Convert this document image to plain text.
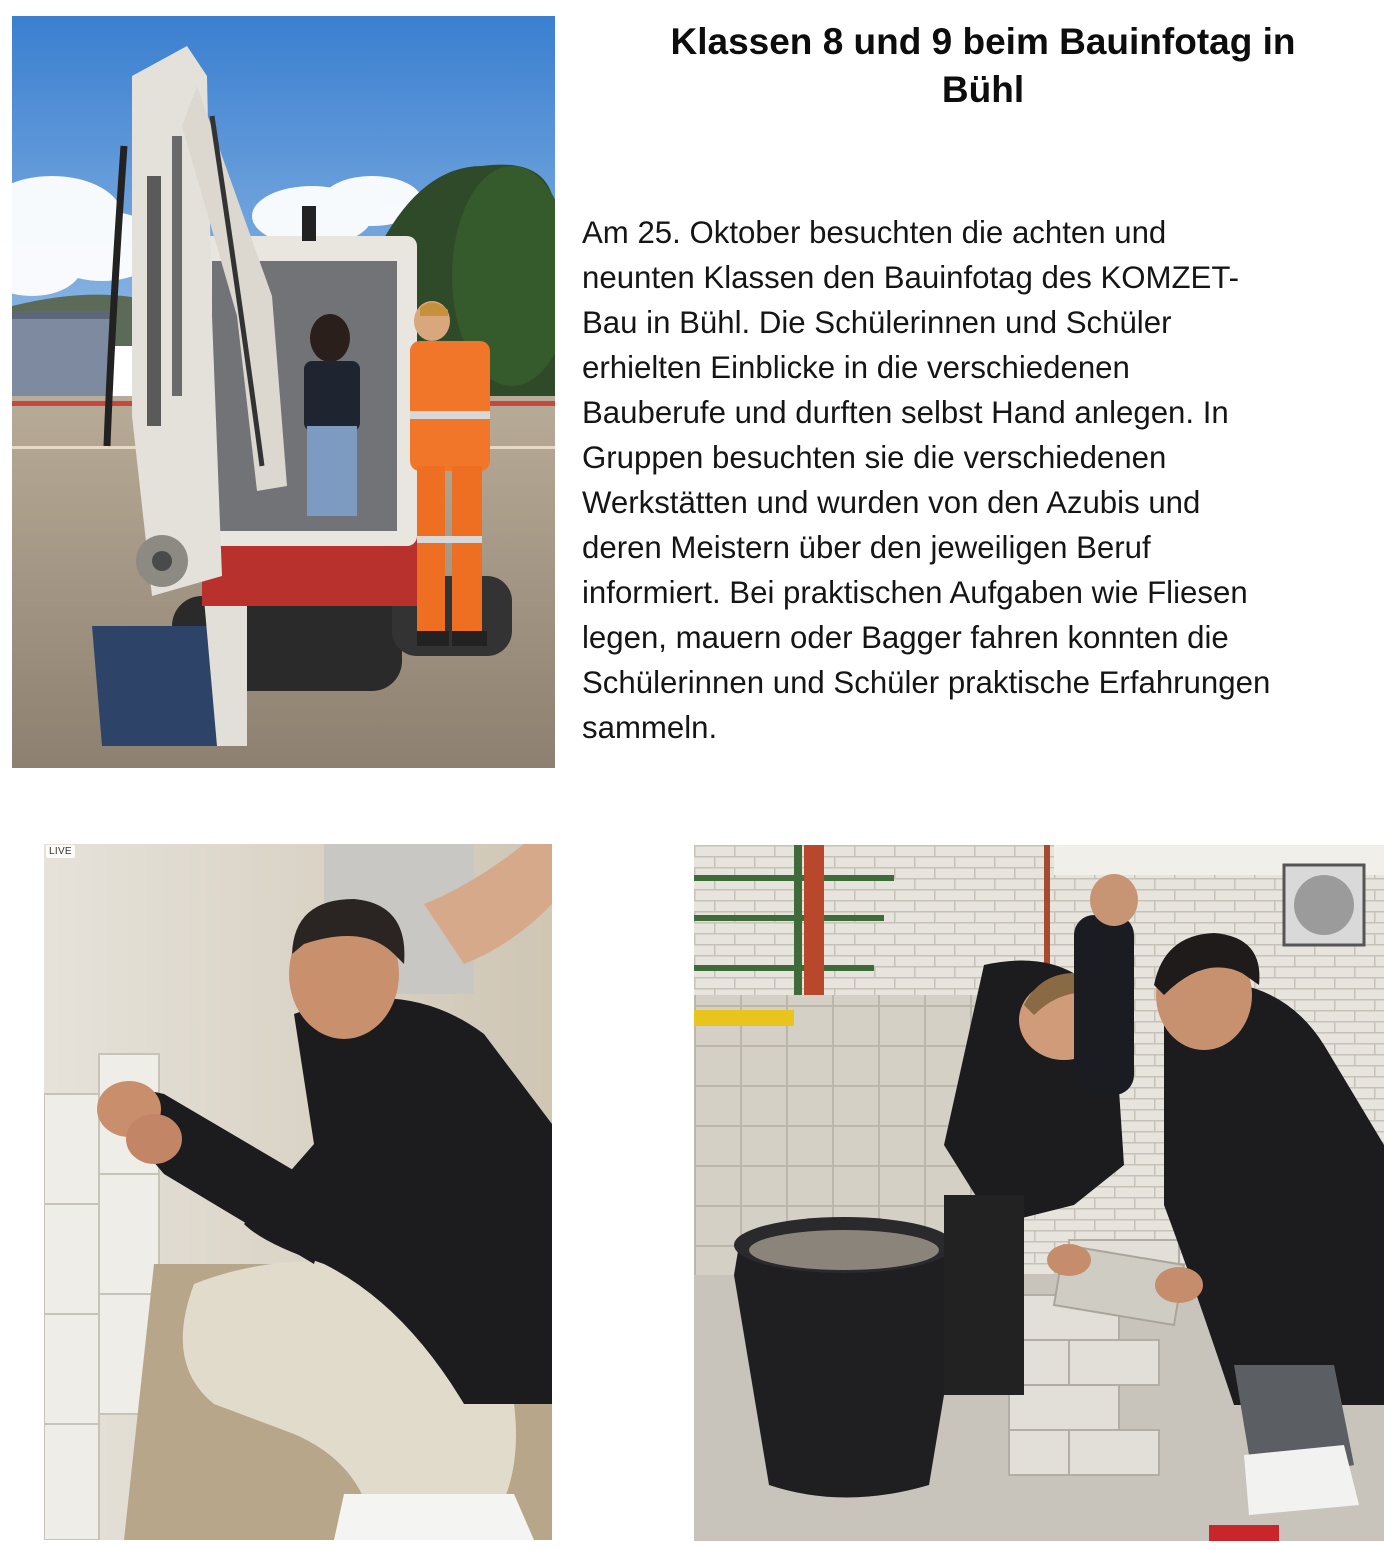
Klassen 8 und 9 beim Bauinfotag in
Bühl

Am 25. Oktober besuchten die achten und
neunten Klassen den Bauinfotag des KOMZET-
Bau in Bühl. Die Schülerinnen und Schüler
erhielten Einblicke in die verschiedenen
Bauberufe und durften selbst Hand anlegen. In
Gruppen besuchten sie die verschiedenen
Werkstätten und wurden von den Azubis und
deren Meistern über den jeweiligen Beruf
informiert. Bei praktischen Aufgaben wie Fliesen
legen, mauern oder Bagger fahren konnten die
Schülerinnen und Schüler praktische Erfahrungen
sammeln.

LIVE
